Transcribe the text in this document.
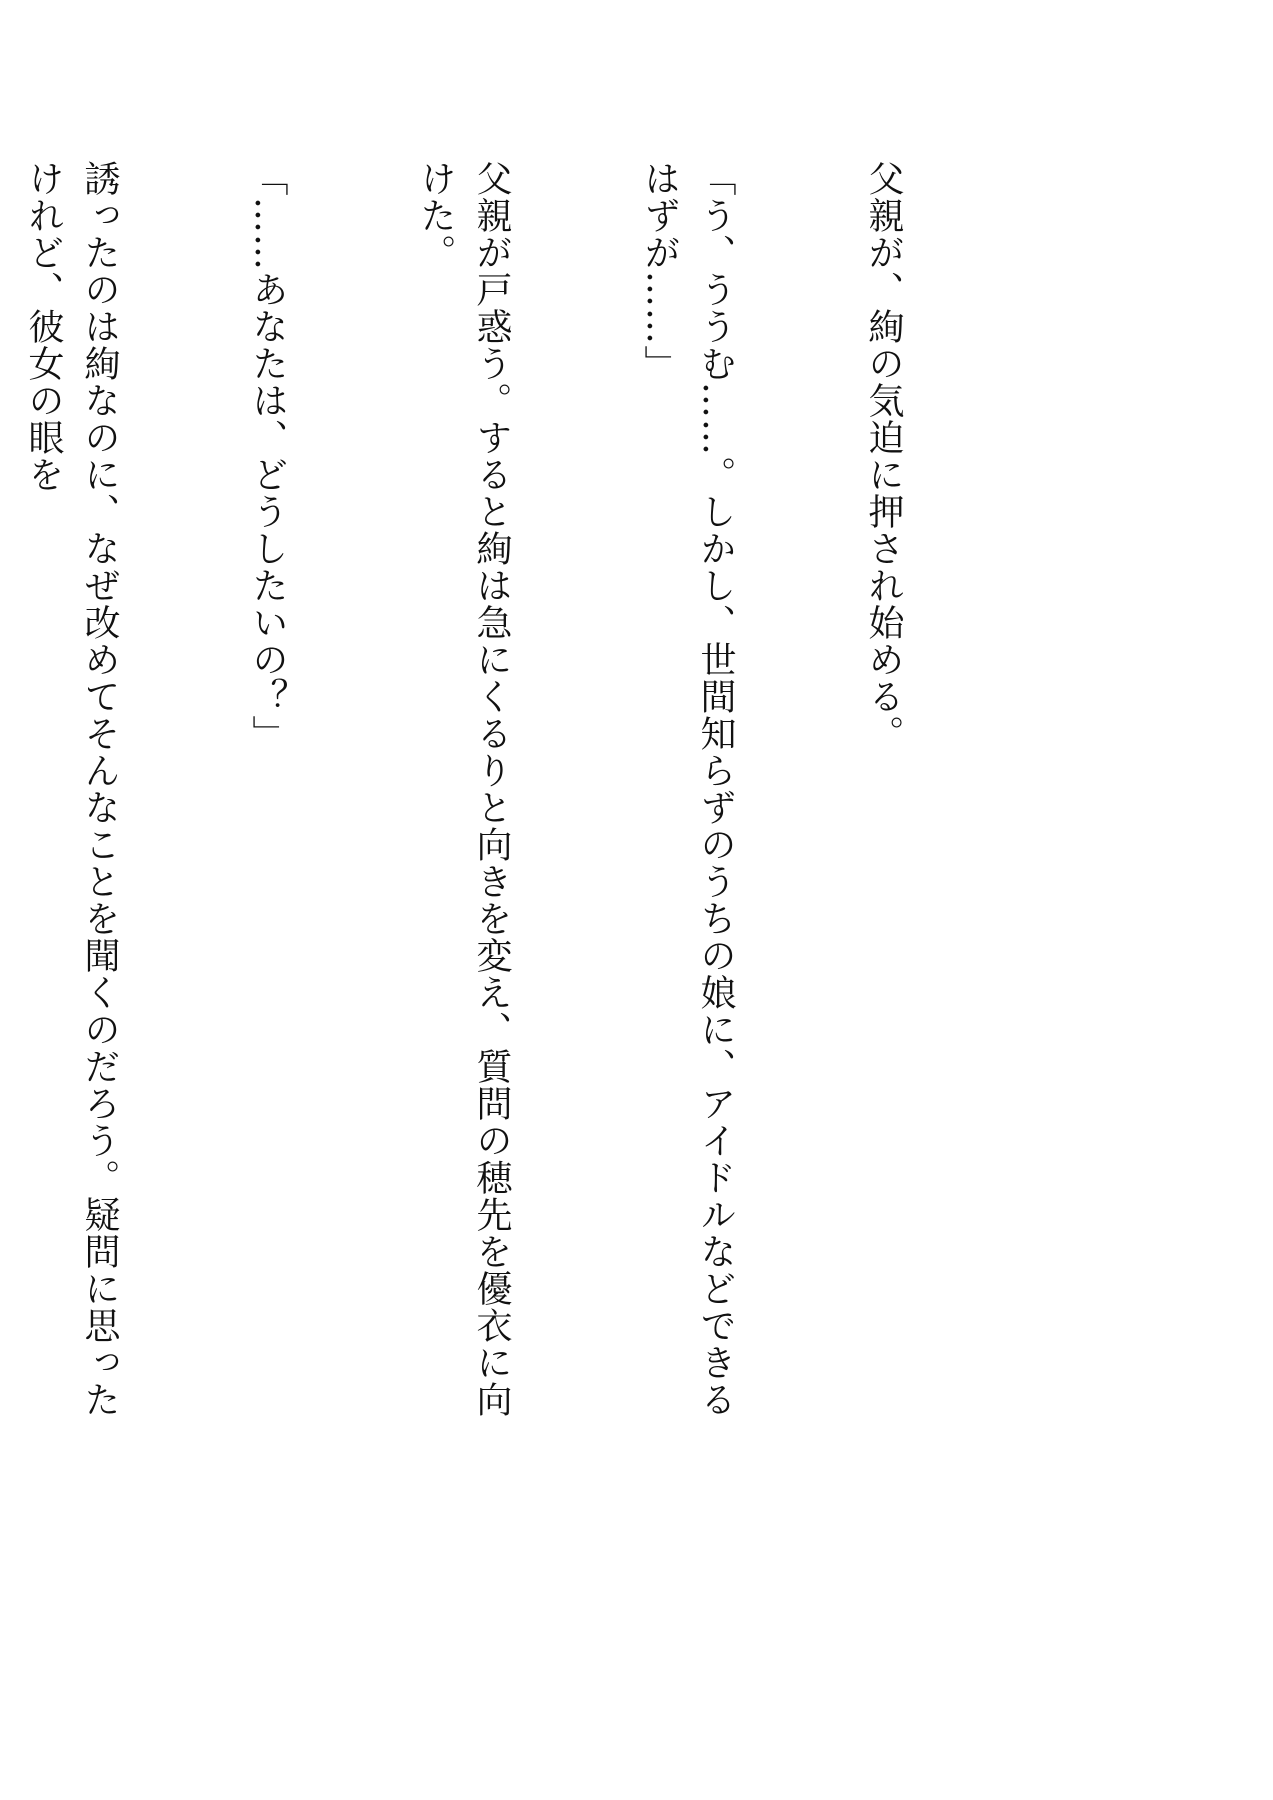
父親が、絢の気迫に押され始める。

「う、ううむ……。しかし、世間知らずのうちの娘に、アイドルなどできるはずが……」

父親が戸惑う。すると絢は急にくるりと向きを変え、質問の穂先を優衣に向けた。

「……あなたは、どうしたいの？」

誘ったのは絢なのに、なぜ改めてそんなことを聞くのだろう。疑問に思ったけれど、彼女の眼を
